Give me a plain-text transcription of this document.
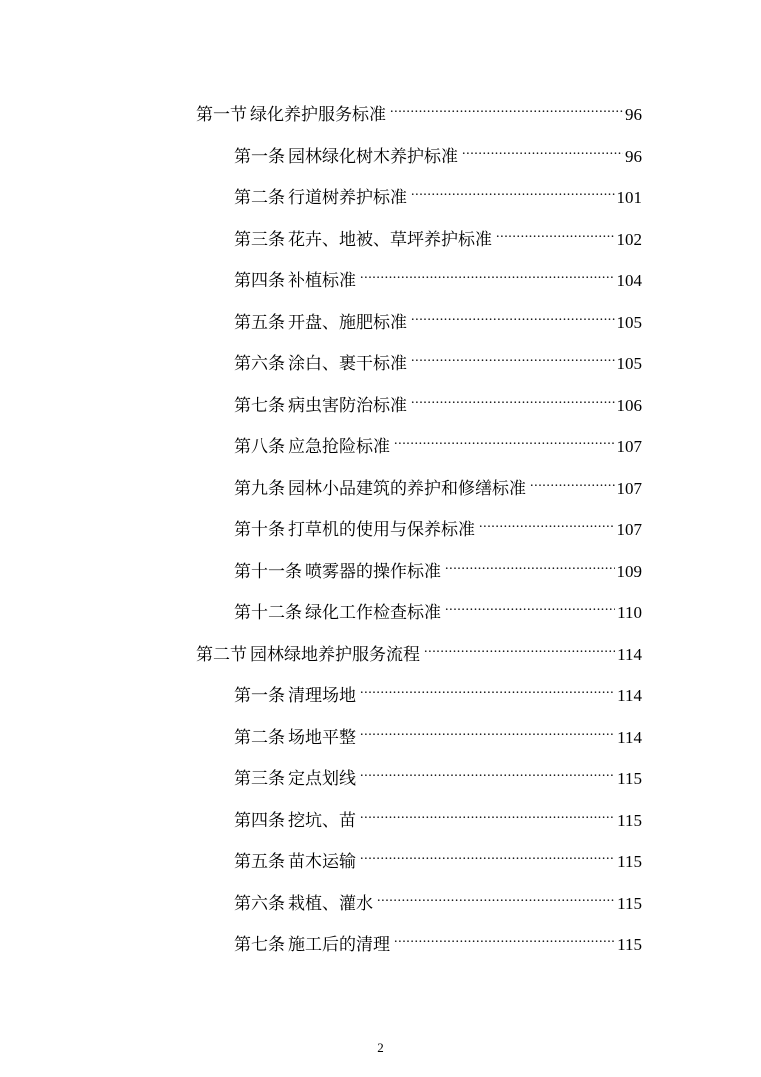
第一节 绿化养护服务标准 .....	96
第一条 园林绿化树木养护标准 .....	96
第二条 行道树养护标准 .....	101
第三条 花卉、地被、草坪养护标准 .....	102
第四条 补植标准 .....	104
第五条 开盘、施肥标准 .....	105
第六条 涂白、裹干标准 .....	105
第七条 病虫害防治标准 .....	106
第八条 应急抢险标准 .....	107
第九条 园林小品建筑的养护和修缮标准 .....	107
第十条 打草机的使用与保养标准 .....	107
第十一条 喷雾器的操作标准 .....	109
第十二条 绿化工作检查标准 .....	110
第二节 园林绿地养护服务流程 .....	114
第一条 清理场地 .....	114
第二条 场地平整 .....	114
第三条 定点划线 .....	115
第四条 挖坑、苗 .....	115
第五条 苗木运输 .....	115
第六条 栽植、灌水 .....	115
第七条 施工后的清理 .....	115
2
